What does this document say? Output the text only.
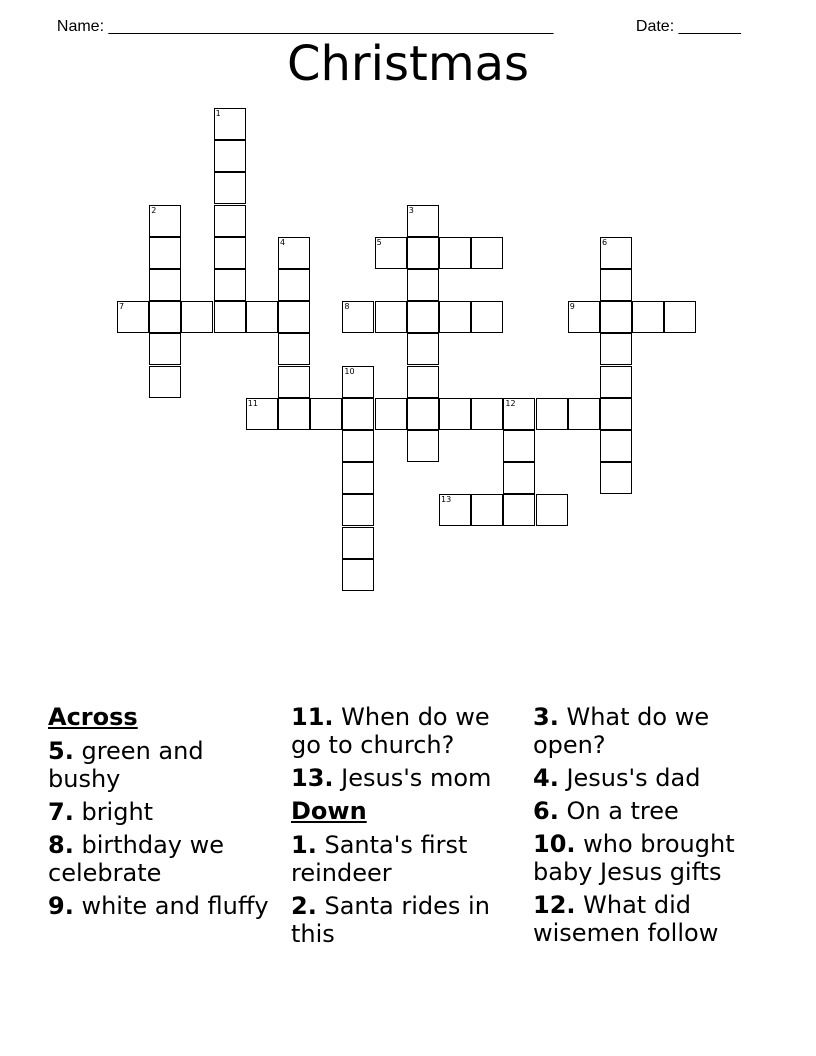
Name: __________________________________________________	Date: _______

Christmas
1
2	3
4	5	6
7	8	9
10
11	12
13
Across
5. green and bushy
7. bright
8. birthday we celebrate
9. white and fluffy
11. When do we go to church?
13. Jesus's mom
Down
1. Santa's first reindeer
2. Santa rides in this
3. What do we open?
4. Jesus's dad
6. On a tree
10. who brought baby Jesus gifts
12. What did wisemen follow
